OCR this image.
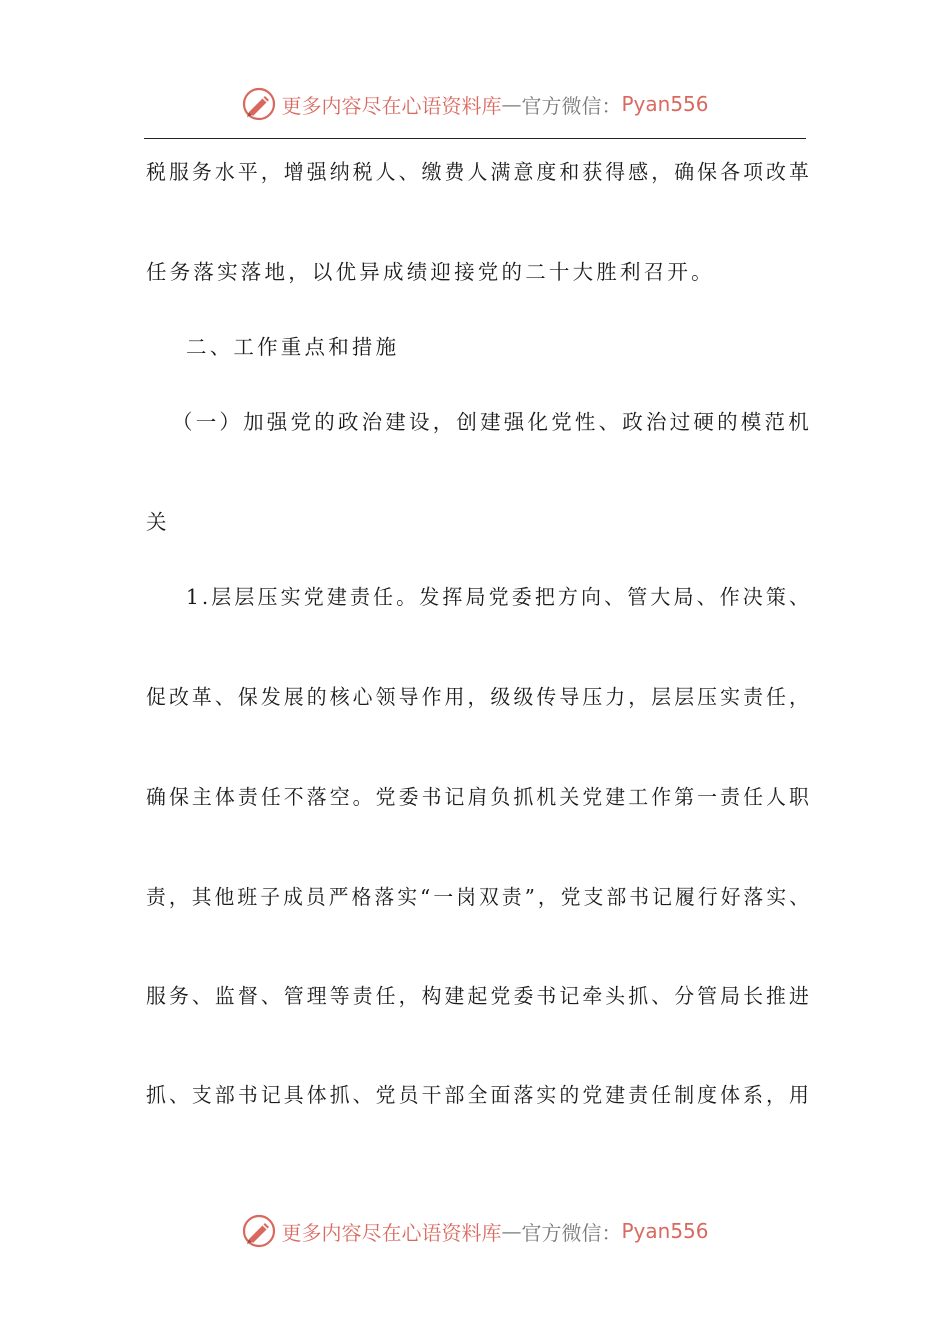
更多内容尽在心语资料库 — 官方微信： Pyan556
税服务水平，增强纳税人、缴费人满意度和获得感，确保各项改革
任务落实落地，以优异成绩迎接党的二十大胜利召开。
二、工作重点和措施
（一）加强党的政治建设，创建强化党性、政治过硬的模范机
关
1.层层压实党建责任。发挥局党委把方向、管大局、作决策、
促改革、保发展的核心领导作用，级级传导压力，层层压实责任，
确保主体责任不落空。党委书记肩负抓机关党建工作第一责任人职
责，其他班子成员严格落实“一岗双责”，党支部书记履行好落实、
服务、监督、管理等责任，构建起党委书记牵头抓、分管局长推进
抓、支部书记具体抓、党员干部全面落实的党建责任制度体系，用
更多内容尽在心语资料库 — 官方微信： Pyan556
